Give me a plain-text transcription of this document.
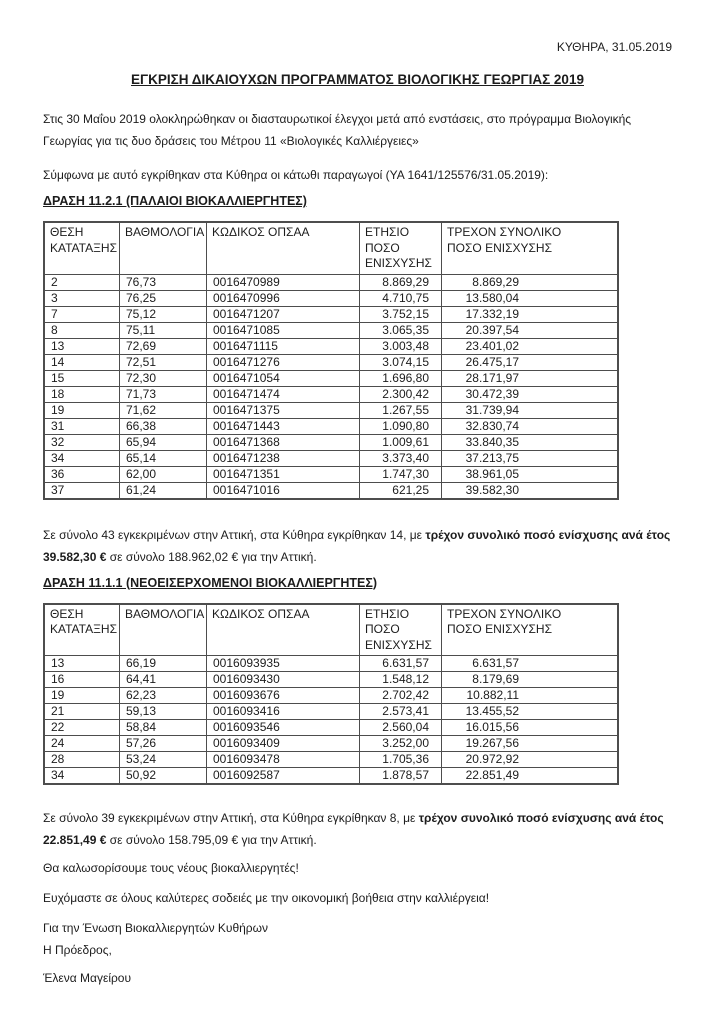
ΚΥΘΗΡΑ, 31.05.2019
ΕΓΚΡΙΣΗ ΔΙΚΑΙΟΥΧΩΝ ΠΡΟΓΡΑΜΜΑΤΟΣ ΒΙΟΛΟΓΙΚΗΣ ΓΕΩΡΓΙΑΣ 2019

Στις 30 Μαΐου 2019 ολοκληρώθηκαν οι διασταυρωτικοί έλεγχοι μετά από ενστάσεις, στο πρόγραμμα Βιολογικής Γεωργίας για τις δυο δράσεις του Μέτρου 11 «Βιολογικές Καλλιέργειες»

Σύμφωνα με αυτό εγκρίθηκαν στα Κύθηρα οι κάτωθι παραγωγοί (ΥΑ 1641/125576/31.05.2019):

ΔΡΑΣΗ 11.2.1 (ΠΑΛΑΙΟΙ ΒΙΟΚΑΛΛΙΕΡΓΗΤΕΣ)
ΘΕΣΗ ΚΑΤΑΤΑΞΗΣ	ΒΑΘΜΟΛΟΓΙΑ	ΚΩΔΙΚΟΣ ΟΠΣΑΑ	ΕΤΗΣΙΟ ΠΟΣΟ ΕΝΙΣΧΥΣΗΣ	ΤΡΕΧΟΝ ΣΥΝΟΛΙΚΟ ΠΟΣΟ ΕΝΙΣΧΥΣΗΣ
2	76,73	0016470989	8.869,29	8.869,29
3	76,25	0016470996	4.710,75	13.580,04
7	75,12	0016471207	3.752,15	17.332,19
8	75,11	0016471085	3.065,35	20.397,54
13	72,69	0016471115	3.003,48	23.401,02
14	72,51	0016471276	3.074,15	26.475,17
15	72,30	0016471054	1.696,80	28.171,97
18	71,73	0016471474	2.300,42	30.472,39
19	71,62	0016471375	1.267,55	31.739,94
31	66,38	0016471443	1.090,80	32.830,74
32	65,94	0016471368	1.009,61	33.840,35
34	65,14	0016471238	3.373,40	37.213,75
36	62,00	0016471351	1.747,30	38.961,05
37	61,24	0016471016	621,25	39.582,30

Σε σύνολο 43 εγκεκριμένων στην Αττική, στα Κύθηρα εγκρίθηκαν 14, με τρέχον συνολικό ποσό ενίσχυσης ανά έτος 39.582,30 € σε σύνολο 188.962,02 € για την Αττική.

ΔΡΑΣΗ 11.1.1 (ΝΕΟΕΙΣΕΡΧΟΜΕΝΟΙ ΒΙΟΚΑΛΛΙΕΡΓΗΤΕΣ)
ΘΕΣΗ ΚΑΤΑΤΑΞΗΣ	ΒΑΘΜΟΛΟΓΙΑ	ΚΩΔΙΚΟΣ ΟΠΣΑΑ	ΕΤΗΣΙΟ ΠΟΣΟ ΕΝΙΣΧΥΣΗΣ	ΤΡΕΧΟΝ ΣΥΝΟΛΙΚΟ ΠΟΣΟ ΕΝΙΣΧΥΣΗΣ
13	66,19	0016093935	6.631,57	6.631,57
16	64,41	0016093430	1.548,12	8.179,69
19	62,23	0016093676	2.702,42	10.882,11
21	59,13	0016093416	2.573,41	13.455,52
22	58,84	0016093546	2.560,04	16.015,56
24	57,26	0016093409	3.252,00	19.267,56
28	53,24	0016093478	1.705,36	20.972,92
34	50,92	0016092587	1.878,57	22.851,49

Σε σύνολο 39 εγκεκριμένων στην Αττική, στα Κύθηρα εγκρίθηκαν 8, με τρέχον συνολικό ποσό ενίσχυσης ανά έτος 22.851,49 € σε σύνολο 158.795,09 € για την Αττική.

Θα καλωσορίσουμε τους νέους βιοκαλλιεργητές!

Ευχόμαστε σε όλους καλύτερες σοδειές με την οικονομική βοήθεια στην καλλιέργεια!

Για την Ένωση Βιοκαλλιεργητών Κυθήρων
Η Πρόεδρος,
Έλενα Μαγείρου
